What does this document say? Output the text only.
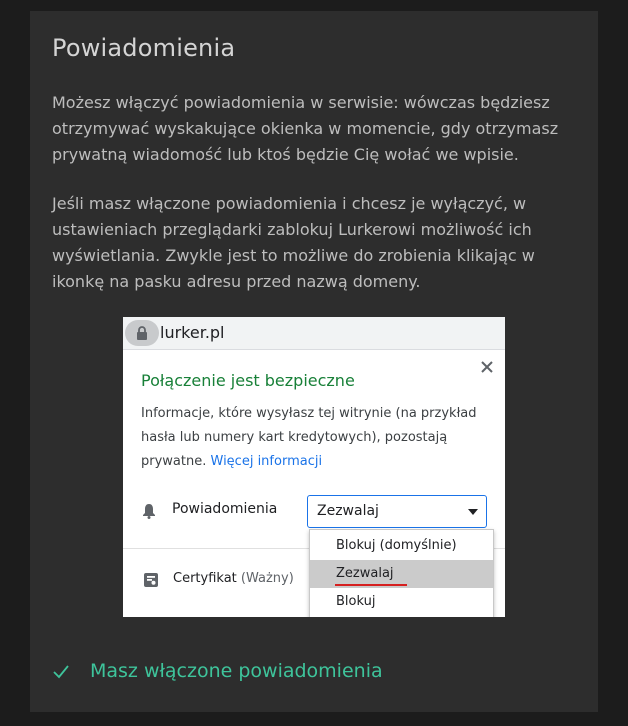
Powiadomienia

Możesz włączyć powiadomienia w serwisie: wówczas będziesz otrzymywać wyskakujące okienka w momencie, gdy otrzymasz prywatną wiadomość lub ktoś będzie Cię wołać we wpisie.

Jeśli masz włączone powiadomienia i chcesz je wyłączyć, w ustawieniach przeglądarki zablokuj Lurkerowi możliwość ich wyświetlania. Zwykle jest to możliwe do zrobienia klikając w ikonkę na pasku adresu przed nazwą domeny.

lurker.pl
Połączenie jest bezpieczne
Informacje, które wysyłasz tej witrynie (na przykład hasła lub numery kart kredytowych), pozostają prywatne. Więcej informacji
Powiadomienia	Zezwalaj
Certyfikat (Ważny)
Blokuj (domyślnie)
Zezwalaj
Blokuj
Masz włączone powiadomienia
